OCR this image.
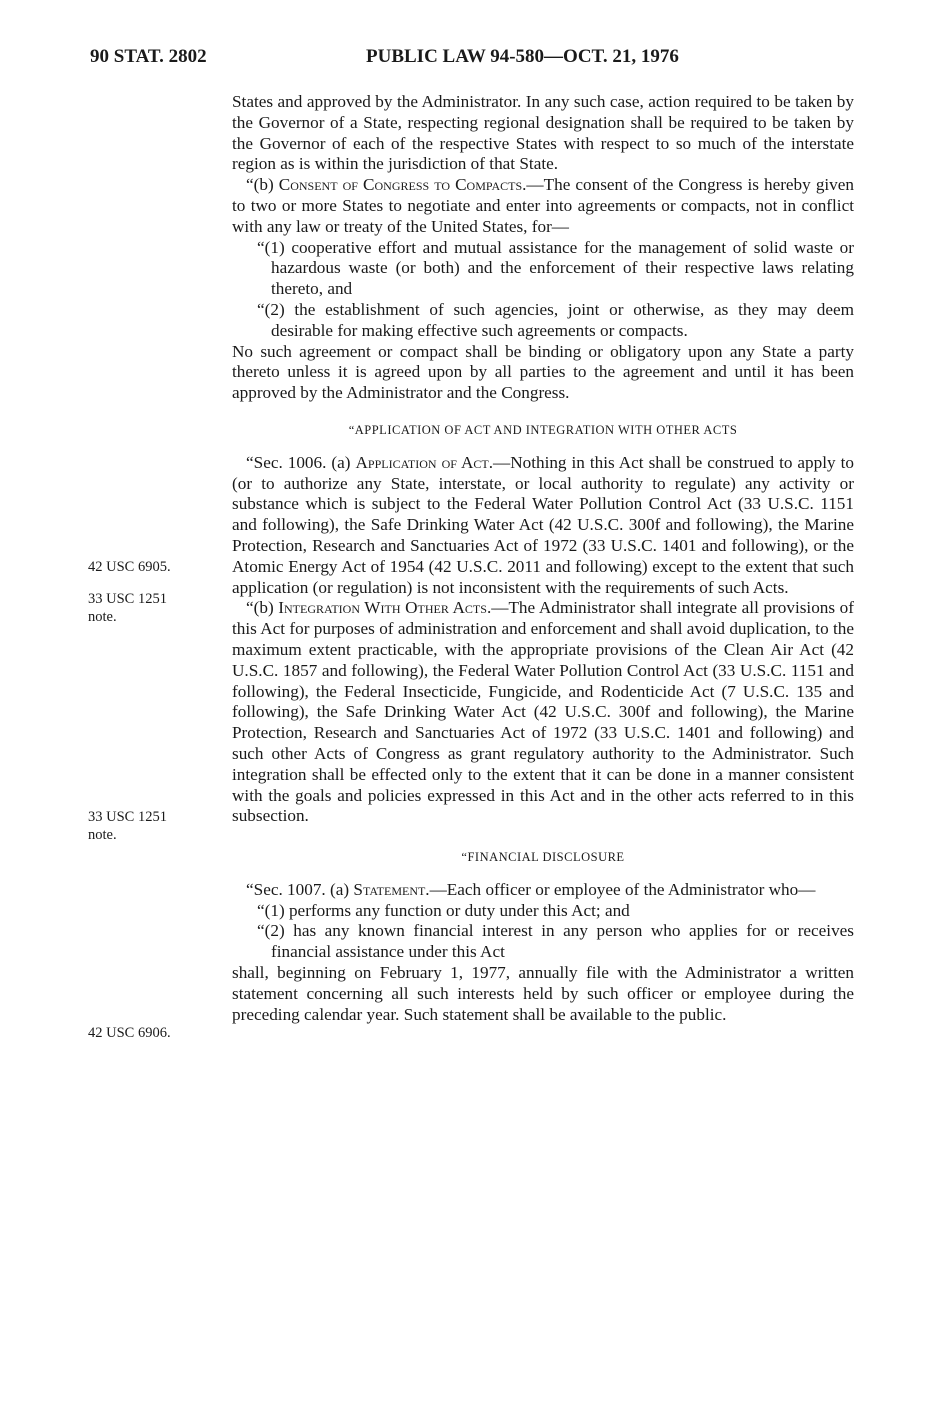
90 STAT. 2802	PUBLIC LAW 94-580—OCT. 21, 1976
42 USC 6905.
33 USC 1251
note.
33 USC 1251
note.
42 USC 6906.

States and approved by the Administrator. In any such case, action required to be taken by the Governor of a State, respecting regional designation shall be required to be taken by the Governor of each of the respective States with respect to so much of the interstate region as is within the jurisdiction of that State.

“(b) Consent of Congress to Compacts.—The consent of the Congress is hereby given to two or more States to negotiate and enter into agreements or compacts, not in conflict with any law or treaty of the United States, for—

“(1) cooperative effort and mutual assistance for the management of solid waste or hazardous waste (or both) and the enforcement of their respective laws relating thereto, and

“(2) the establishment of such agencies, joint or otherwise, as they may deem desirable for making effective such agreements or compacts.

No such agreement or compact shall be binding or obligatory upon any State a party thereto unless it is agreed upon by all parties to the agreement and until it has been approved by the Administrator and the Congress.

“APPLICATION OF ACT AND INTEGRATION WITH OTHER ACTS

“Sec. 1006. (a) Application of Act.—Nothing in this Act shall be construed to apply to (or to authorize any State, interstate, or local authority to regulate) any activity or substance which is subject to the Federal Water Pollution Control Act (33 U.S.C. 1151 and following), the Safe Drinking Water Act (42 U.S.C. 300f and following), the Marine Protection, Research and Sanctuaries Act of 1972 (33 U.S.C. 1401 and following), or the Atomic Energy Act of 1954 (42 U.S.C. 2011 and following) except to the extent that such application (or regulation) is not inconsistent with the requirements of such Acts.

“(b) Integration With Other Acts.—The Administrator shall integrate all provisions of this Act for purposes of administration and enforcement and shall avoid duplication, to the maximum extent practicable, with the appropriate provisions of the Clean Air Act (42 U.S.C. 1857 and following), the Federal Water Pollution Control Act (33 U.S.C. 1151 and following), the Federal Insecticide, Fungicide, and Rodenticide Act (7 U.S.C. 135 and following), the Safe Drinking Water Act (42 U.S.C. 300f and following), the Marine Protection, Research and Sanctuaries Act of 1972 (33 U.S.C. 1401 and following) and such other Acts of Congress as grant regulatory authority to the Administrator. Such integration shall be effected only to the extent that it can be done in a manner consistent with the goals and policies expressed in this Act and in the other acts referred to in this subsection.

“FINANCIAL DISCLOSURE

“Sec. 1007. (a) Statement.—Each officer or employee of the Administrator who—

“(1) performs any function or duty under this Act; and

“(2) has any known financial interest in any person who applies for or receives financial assistance under this Act

shall, beginning on February 1, 1977, annually file with the Administrator a written statement concerning all such interests held by such officer or employee during the preceding calendar year. Such statement shall be available to the public.
